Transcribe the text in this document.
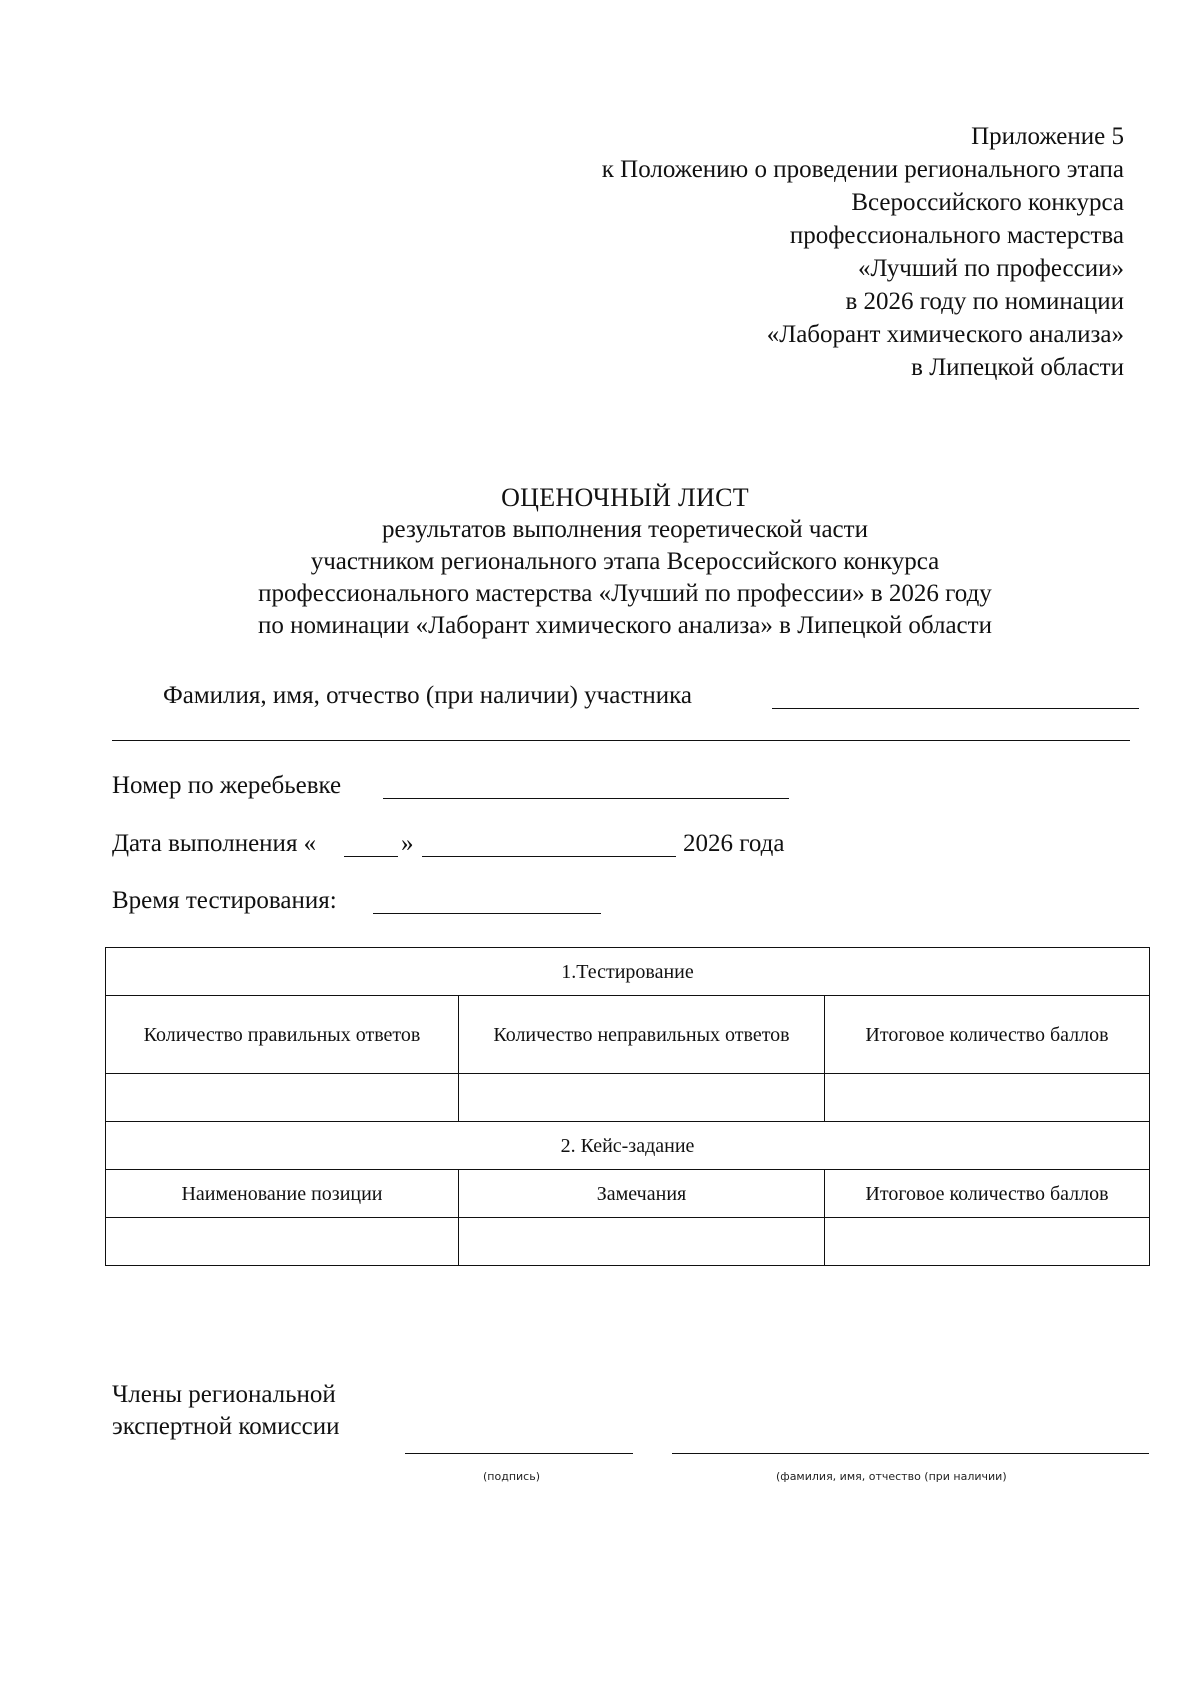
Приложение 5
к Положению о проведении регионального этапа
Всероссийского конкурса
профессионального мастерства
«Лучший по профессии»
в 2026 году по номинации
«Лаборант химического анализа»
в Липецкой области
ОЦЕНОЧНЫЙ ЛИСТ
результатов выполнения теоретической части
участником регионального этапа Всероссийского конкурса
профессионального мастерства «Лучший по профессии» в 2026 году
по номинации «Лаборант химического анализа» в Липецкой области
Фамилия, имя, отчество (при наличии) участника
Номер по жеребьевке
Дата выполнения «	»	2026 года
Время тестирования:
1.Тестирование		
Количество правильных ответов	Количество неправильных ответов	Итоговое количество баллов

2. Кейс-задание		
Наименование позиции	Замечания	Итоговое количество баллов

Члены региональной
экспертной комиссии
(подпись)	(фамилия, имя, отчество (при наличии)
